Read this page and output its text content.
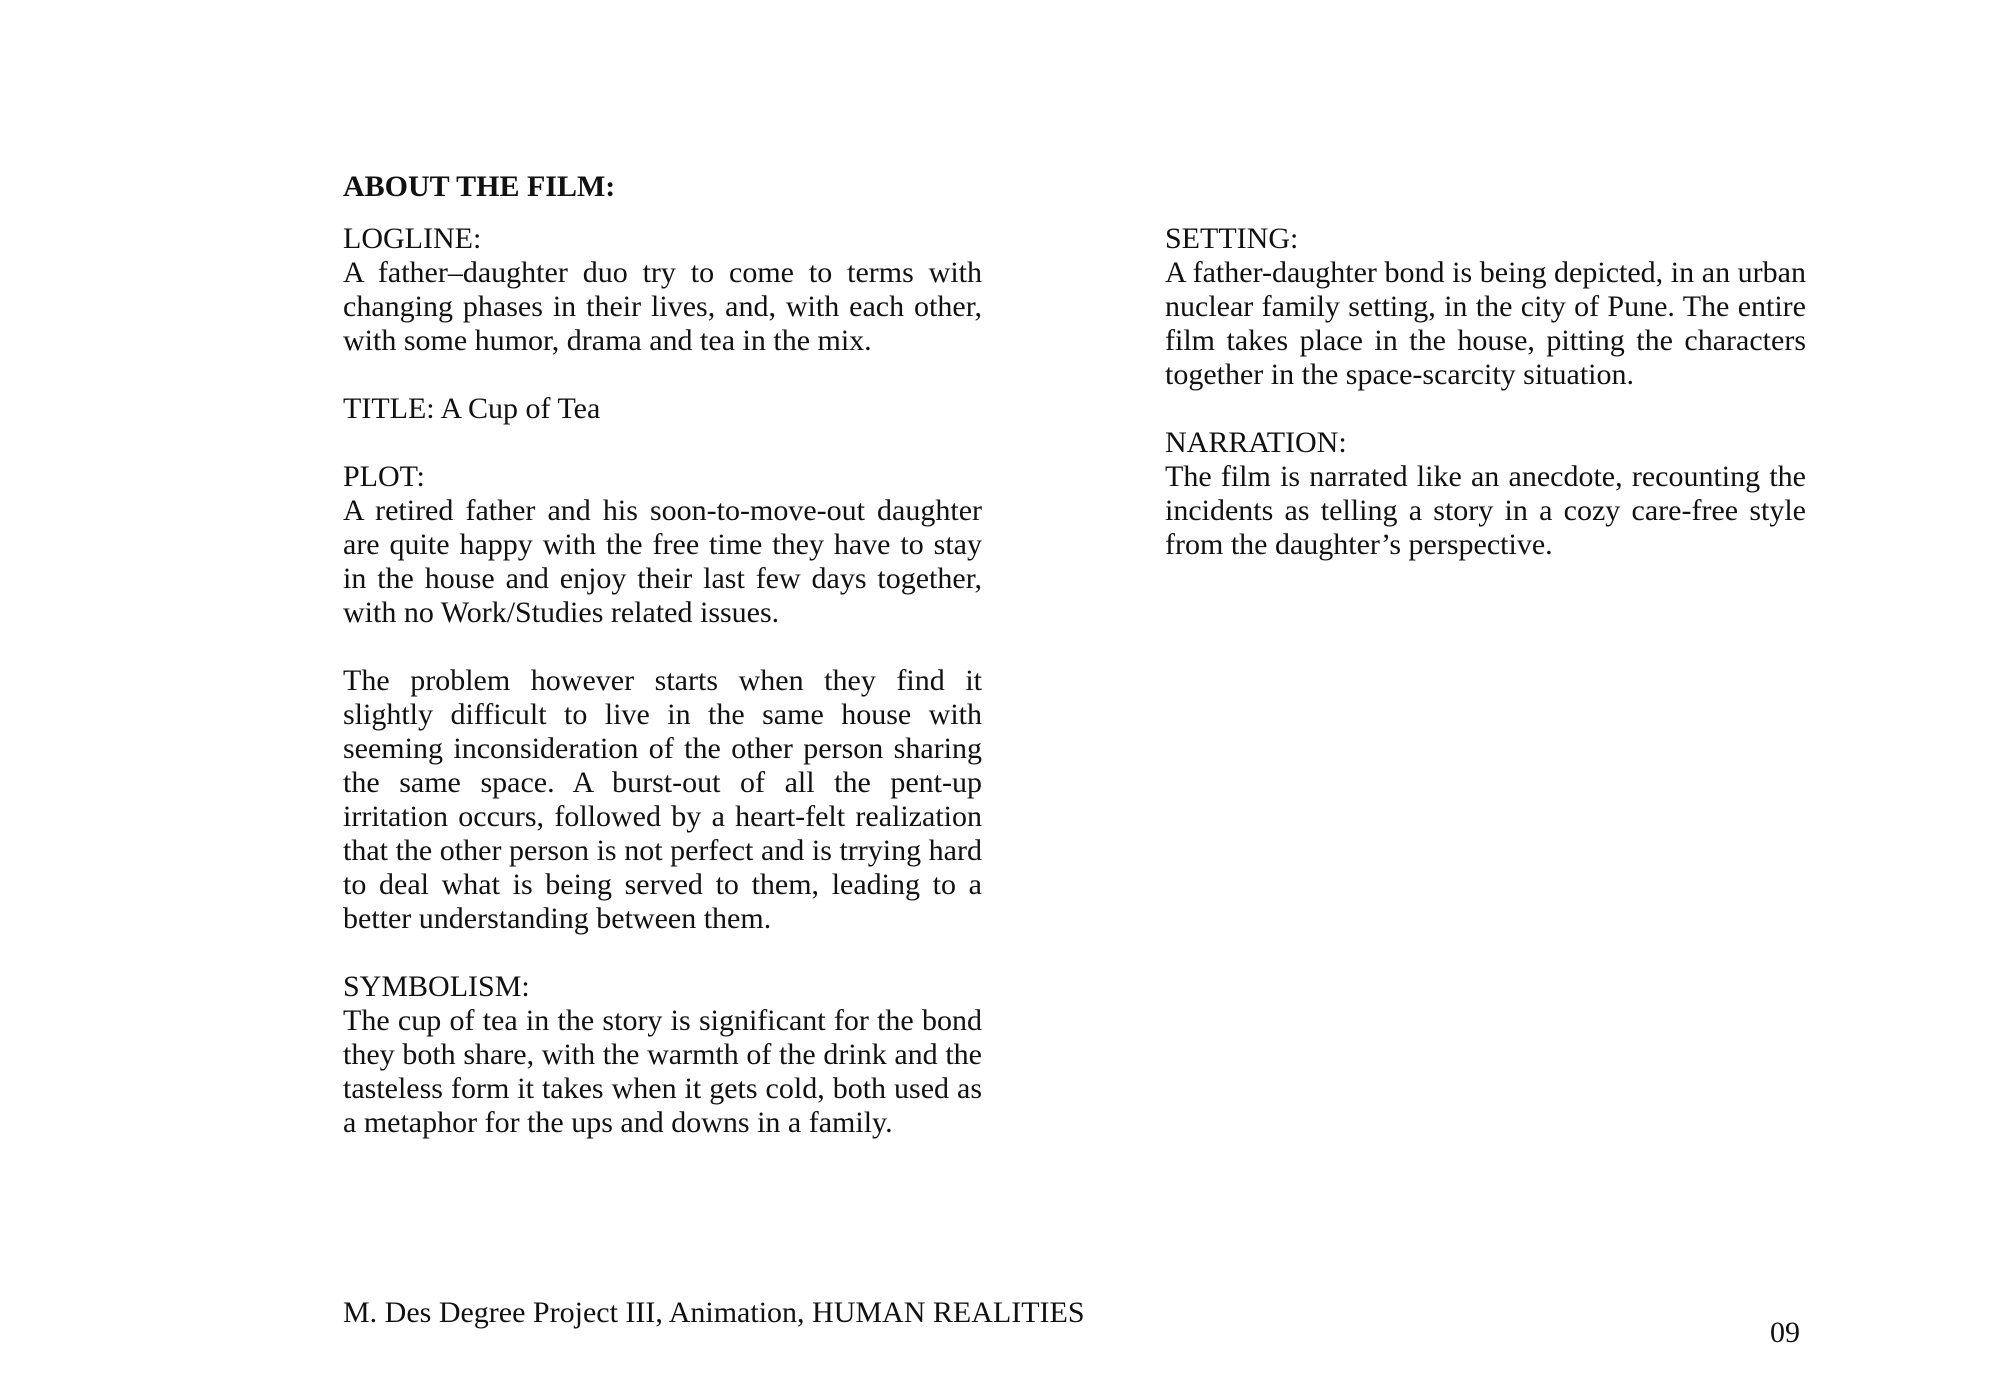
ABOUT THE FILM:
LOGLINE:

A father–daughter duo try to come to terms with changing phases in their lives, and, with each other, with some humor, drama and tea in the mix.

TITLE: A Cup of Tea

PLOT:

A retired father and his soon-to-move-out daughter are quite happy with the free time they have to stay in the house and enjoy their last few days together, with no Work/Studies related issues.

The problem however starts when they find it slightly difficult to live in the same house with seeming inconsideration of the other person sharing the same space. A burst-out of all the pent-up irritation occurs, followed by a heart-felt realization that the other person is not perfect and is trrying hard to deal what is being served to them, leading to a better understanding between them.

SYMBOLISM:

The cup of tea in the story is significant for the bond they both share, with the warmth of the drink and the tasteless form it takes when it gets cold, both used as a metaphor for the ups and downs in a family.

SETTING:

A father-daughter bond is being depicted, in an urban nuclear family setting, in the city of Pune. The entire film takes place in the house, pitting the characters together in the space-scarcity situation.

NARRATION:

The film is narrated like an anecdote, recounting the incidents as telling a story in a cozy care-free style from the daughter’s perspective.

M. Des Degree Project III, Animation, HUMAN REALITIES
09
